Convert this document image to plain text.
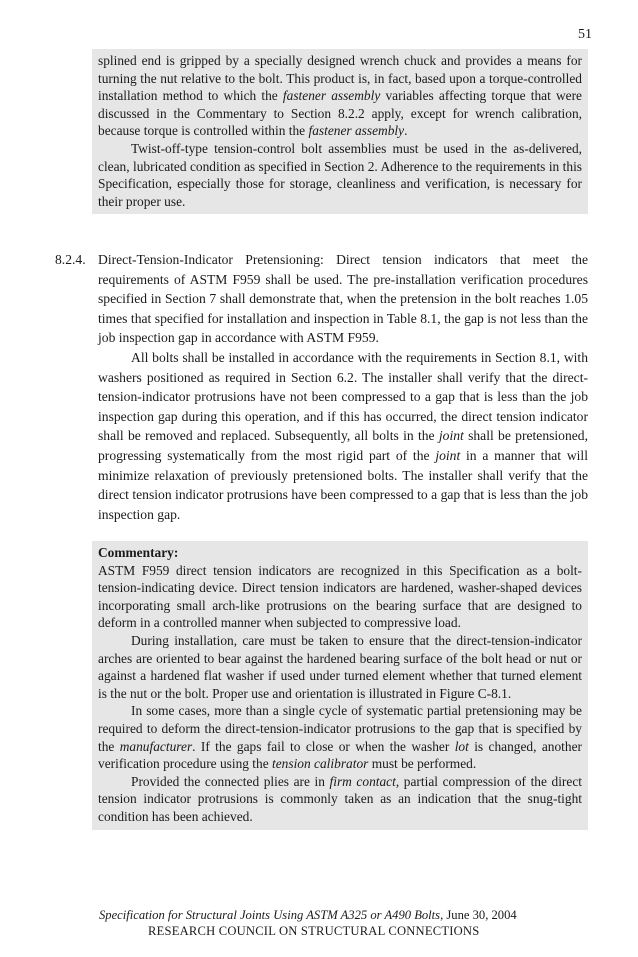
51

splined end is gripped by a specially designed wrench chuck and provides a means for turning the nut relative to the bolt. This product is, in fact, based upon a torque-controlled installation method to which the fastener assembly variables affecting torque that were discussed in the Commentary to Section 8.2.2 apply, except for wrench calibration, because torque is controlled within the fastener assembly.

Twist-off-type tension-control bolt assemblies must be used in the as-delivered, clean, lubricated condition as specified in Section 2. Adherence to the requirements in this Specification, especially those for storage, cleanliness and verification, is necessary for their proper use.

8.2.4. Direct-Tension-Indicator Pretensioning: Direct tension indicators that meet the requirements of ASTM F959 shall be used. The pre-installation verification procedures specified in Section 7 shall demonstrate that, when the pretension in the bolt reaches 1.05 times that specified for installation and inspection in Table 8.1, the gap is not less than the job inspection gap in accordance with ASTM F959.

All bolts shall be installed in accordance with the requirements in Section 8.1, with washers positioned as required in Section 6.2. The installer shall verify that the direct-tension-indicator protrusions have not been compressed to a gap that is less than the job inspection gap during this operation, and if this has occurred, the direct tension indicator shall be removed and replaced. Subsequently, all bolts in the joint shall be pretensioned, progressing systematically from the most rigid part of the joint in a manner that will minimize relaxation of previously pretensioned bolts. The installer shall verify that the direct tension indicator protrusions have been compressed to a gap that is less than the job inspection gap.

Commentary:

ASTM F959 direct tension indicators are recognized in this Specification as a bolt-tension-indicating device. Direct tension indicators are hardened, washer-shaped devices incorporating small arch-like protrusions on the bearing surface that are designed to deform in a controlled manner when subjected to compressive load.

During installation, care must be taken to ensure that the direct-tension-indicator arches are oriented to bear against the hardened bearing surface of the bolt head or nut or against a hardened flat washer if used under turned element whether that turned element is the nut or the bolt. Proper use and orientation is illustrated in Figure C-8.1.

In some cases, more than a single cycle of systematic partial pretensioning may be required to deform the direct-tension-indicator protrusions to the gap that is specified by the manufacturer. If the gaps fail to close or when the washer lot is changed, another verification procedure using the tension calibrator must be performed.

Provided the connected plies are in firm contact, partial compression of the direct tension indicator protrusions is commonly taken as an indication that the snug-tight condition has been achieved.

Specification for Structural Joints Using ASTM A325 or A490 Bolts, June 30, 2004
RESEARCH COUNCIL ON STRUCTURAL CONNECTIONS
